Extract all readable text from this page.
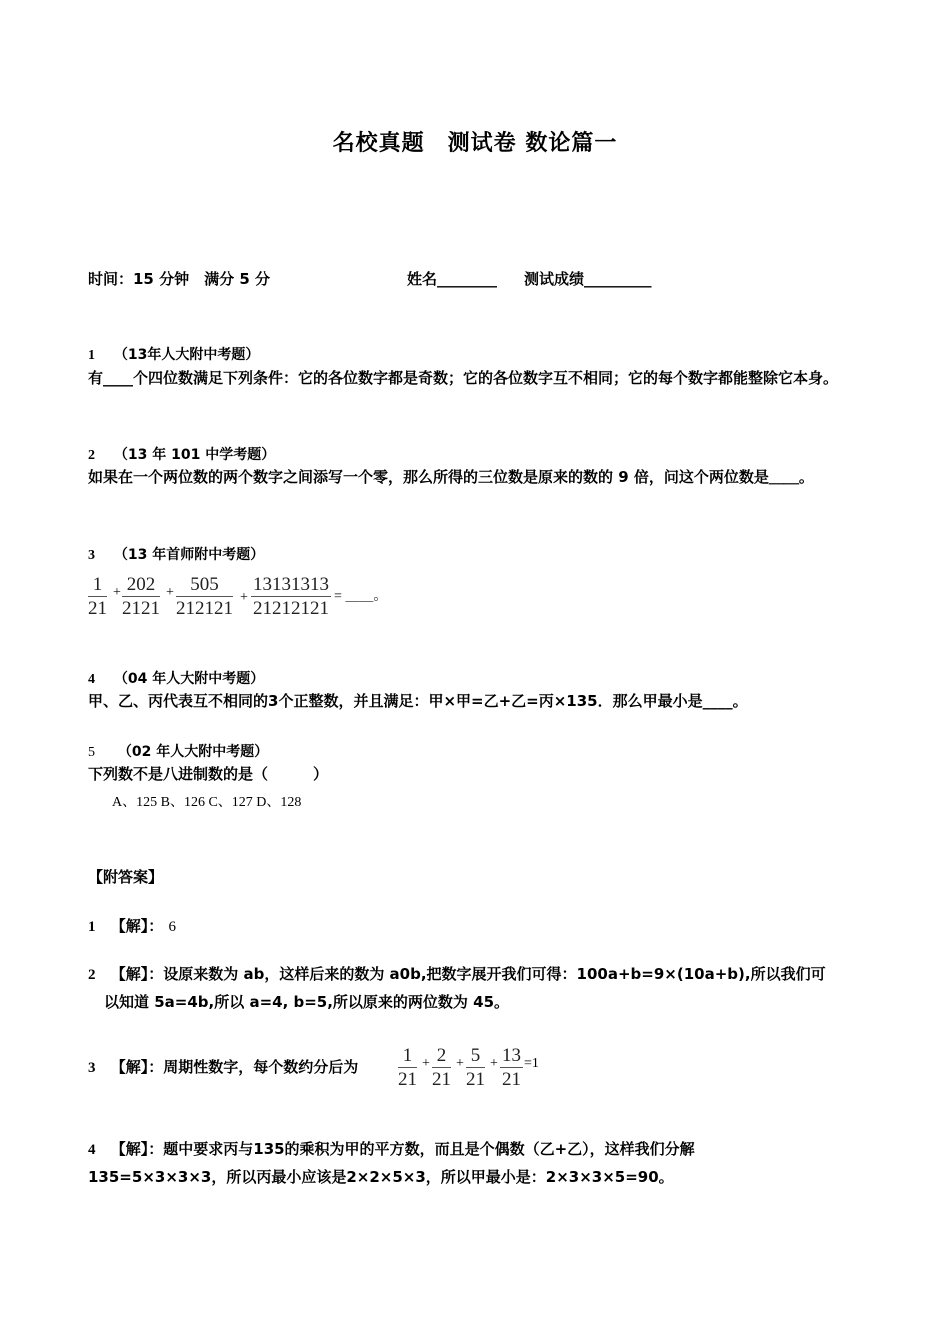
名校真题　测试卷 数论篇一
时间：15 分钟　满分 5 分	姓名________ 测试成绩_________
1 （13年人大附中考题）
有____个四位数满足下列条件：它的各位数字都是奇数；它的各位数字互不相同；它的每个数字都能整除它本身。
2 （13 年 101 中学考题）
如果在一个两位数的两个数字之间添写一个零，那么所得的三位数是原来的数的 9 倍，问这个两位数是＿＿。
3 （13 年首师附中考题）
$\frac{1}{21} + \frac{202}{2121} + \frac{505}{212121} + \frac{13131313}{21212121}$ = ＿＿。
4 （04 年人大附中考题）
甲、乙、丙代表互不相同的3个正整数，并且满足：甲×甲=乙+乙=丙×135．那么甲最小是____。
5 （02 年人大附中考题）
下列数不是八进制数的是（　　　）
A、125 B、126 C、127 D、128
【附答案】
1 【解】： 6
2 【解】：设原来数为 ab，这样后来的数为 a0b,把数字展开我们可得：100a+b=9×(10a+b),所以我们可
以知道 5a=4b,所以 a=4, b=5,所以原来的两位数为 45。
3 【解】：周期性数字，每个数约分后为	$\frac{1}{21} + \frac{2}{21} + \frac{5}{21} + \frac{13}{21} =1$
4 【解】：题中要求丙与135的乘积为甲的平方数，而且是个偶数（乙+乙），这样我们分解
135=5×3×3×3，所以丙最小应该是2×2×5×3，所以甲最小是：2×3×3×5=90。
